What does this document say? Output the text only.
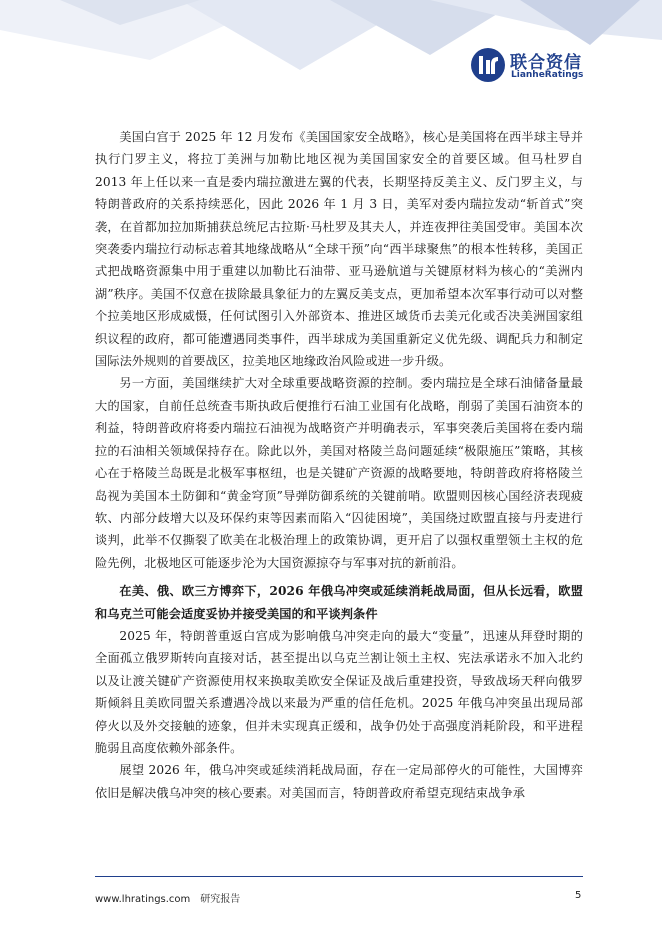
联合资信
LianheRatings

美国白宫于 2025 年 12 月发布《美国国家安全战略》，核心是美国将在西半球主导并执行门罗主义，将拉丁美洲与加勒比地区视为美国国家安全的首要区域。但马杜罗自 2013 年上任以来一直是委内瑞拉激进左翼的代表，长期坚持反美主义、反门罗主义，与特朗普政府的关系持续恶化，因此 2026 年 1 月 3 日，美军对委内瑞拉发动“斩首式”突袭，在首都加拉加斯捕获总统尼古拉斯·马杜罗及其夫人，并连夜押往美国受审。美国本次突袭委内瑞拉行动标志着其地缘战略从“全球干预”向“西半球聚焦”的根本性转移，美国正式把战略资源集中用于重建以加勒比石油带、亚马逊航道与关键原材料为核心的“美洲内湖”秩序。美国不仅意在拔除最具象征力的左翼反美支点，更加希望本次军事行动可以对整个拉美地区形成威慑，任何试图引入外部资本、推进区域货币去美元化或否决美洲国家组织议程的政府，都可能遭遇同类事件，西半球成为美国重新定义优先级、调配兵力和制定国际法外规则的首要战区，拉美地区地缘政治风险或进一步升级。

另一方面，美国继续扩大对全球重要战略资源的控制。委内瑞拉是全球石油储备量最大的国家，自前任总统查韦斯执政后便推行石油工业国有化战略，削弱了美国石油资本的利益，特朗普政府将委内瑞拉石油视为战略资产并明确表示，军事突袭后美国将在委内瑞拉的石油相关领域保持存在。除此以外，美国对格陵兰岛问题延续“极限施压”策略，其核心在于格陵兰岛既是北极军事枢纽，也是关键矿产资源的战略要地，特朗普政府将格陵兰岛视为美国本土防御和“黄金穹顶”导弹防御系统的关键前哨。欧盟则因核心国经济表现疲软、内部分歧增大以及环保约束等因素而陷入“囚徒困境”，美国绕过欧盟直接与丹麦进行谈判，此举不仅撕裂了欧美在北极治理上的政策协调，更开启了以强权重塑领土主权的危险先例，北极地区可能逐步沦为大国资源掠夺与军事对抗的新前沿。

在美、俄、欧三方博弈下，2026 年俄乌冲突或延续消耗战局面，但从长远看，欧盟和乌克兰可能会适度妥协并接受美国的和平谈判条件

2025 年，特朗普重返白宫成为影响俄乌冲突走向的最大“变量”，迅速从拜登时期的全面孤立俄罗斯转向直接对话，甚至提出以乌克兰割让领土主权、宪法承诺永不加入北约以及让渡关键矿产资源使用权来换取美欧安全保证及战后重建投资，导致战场天秤向俄罗斯倾斜且美欧同盟关系遭遇冷战以来最为严重的信任危机。2025 年俄乌冲突虽出现局部停火以及外交接触的迹象，但并未实现真正缓和，战争仍处于高强度消耗阶段，和平进程脆弱且高度依赖外部条件。

展望 2026 年，俄乌冲突或延续消耗战局面，存在一定局部停火的可能性，大国博弈依旧是解决俄乌冲突的核心要素。对美国而言，特朗普政府希望克现结束战争承

www.lhratings.com 研究报告	5
